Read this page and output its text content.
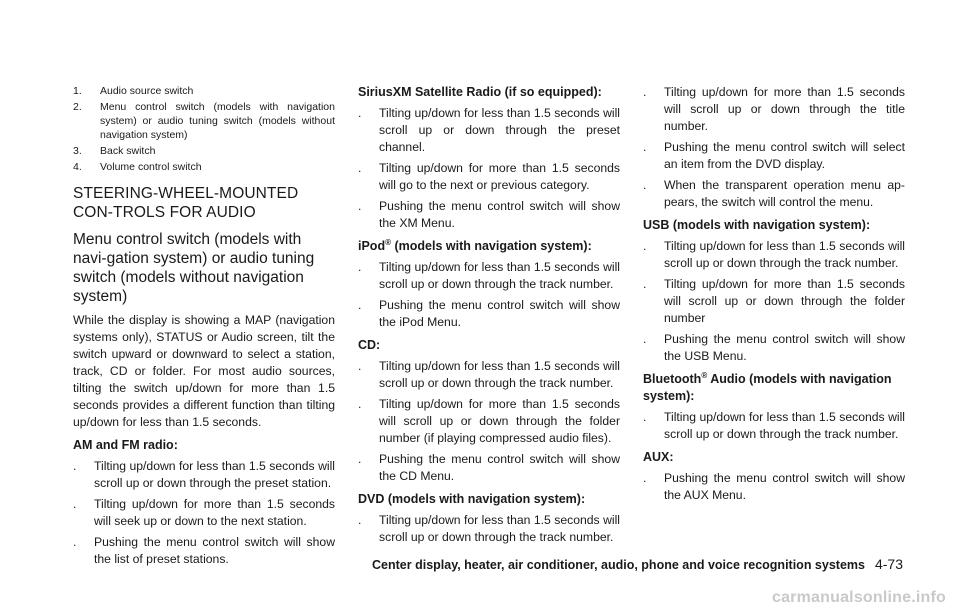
1.	Audio source switch
2.	Menu control switch (models with navigation system) or audio tuning switch (models without navigation system)
3.	Back switch
4.	Volume control switch
STEERING-WHEEL-MOUNTED CON-TROLS FOR AUDIO
Menu control switch (models with navi-gation system) or audio tuning switch (models without navigation system)

While the display is showing a MAP (navigation systems only), STATUS or Audio screen, tilt the switch upward or downward to select a station, track, CD or folder. For most audio sources, tilting the switch up/down for more than 1.5 seconds provides a different function than tilting up/down for less than 1.5 seconds.

AM and FM radio:
.	Tilting up/down for less than 1.5 seconds will scroll up or down through the preset station.
.	Tilting up/down for more than 1.5 seconds will seek up or down to the next station.
.	Pushing the menu control switch will show the list of preset stations.
SiriusXM Satellite Radio (if so equipped):
.	Tilting up/down for less than 1.5 seconds will scroll up or down through the preset channel.
.	Tilting up/down for more than 1.5 seconds will go to the next or previous category.
.	Pushing the menu control switch will show the XM Menu.
iPod® (models with navigation system):
.	Tilting up/down for less than 1.5 seconds will scroll up or down through the track number.
.	Pushing the menu control switch will show the iPod Menu.
CD:
.	Tilting up/down for less than 1.5 seconds will scroll up or down through the track number.
.	Tilting up/down for more than 1.5 seconds will scroll up or down through the folder number (if playing compressed audio files).
.	Pushing the menu control switch will show the CD Menu.
DVD (models with navigation system):
.	Tilting up/down for less than 1.5 seconds will scroll up or down through the track number.
.	Tilting up/down for more than 1.5 seconds will scroll up or down through the title number.
.	Pushing the menu control switch will select an item from the DVD display.
.	When the transparent operation menu ap-pears, the switch will control the menu.
USB (models with navigation system):
.	Tilting up/down for less than 1.5 seconds will scroll up or down through the track number.
.	Tilting up/down for more than 1.5 seconds will scroll up or down through the folder number
.	Pushing the menu control switch will show the USB Menu.
Bluetooth® Audio (models with navigation system):
.	Tilting up/down for less than 1.5 seconds will scroll up or down through the track number.
AUX:
.	Pushing the menu control switch will show the AUX Menu.
Center display, heater, air conditioner, audio, phone and voice recognition systems 4-73
carmanualsonline.info
